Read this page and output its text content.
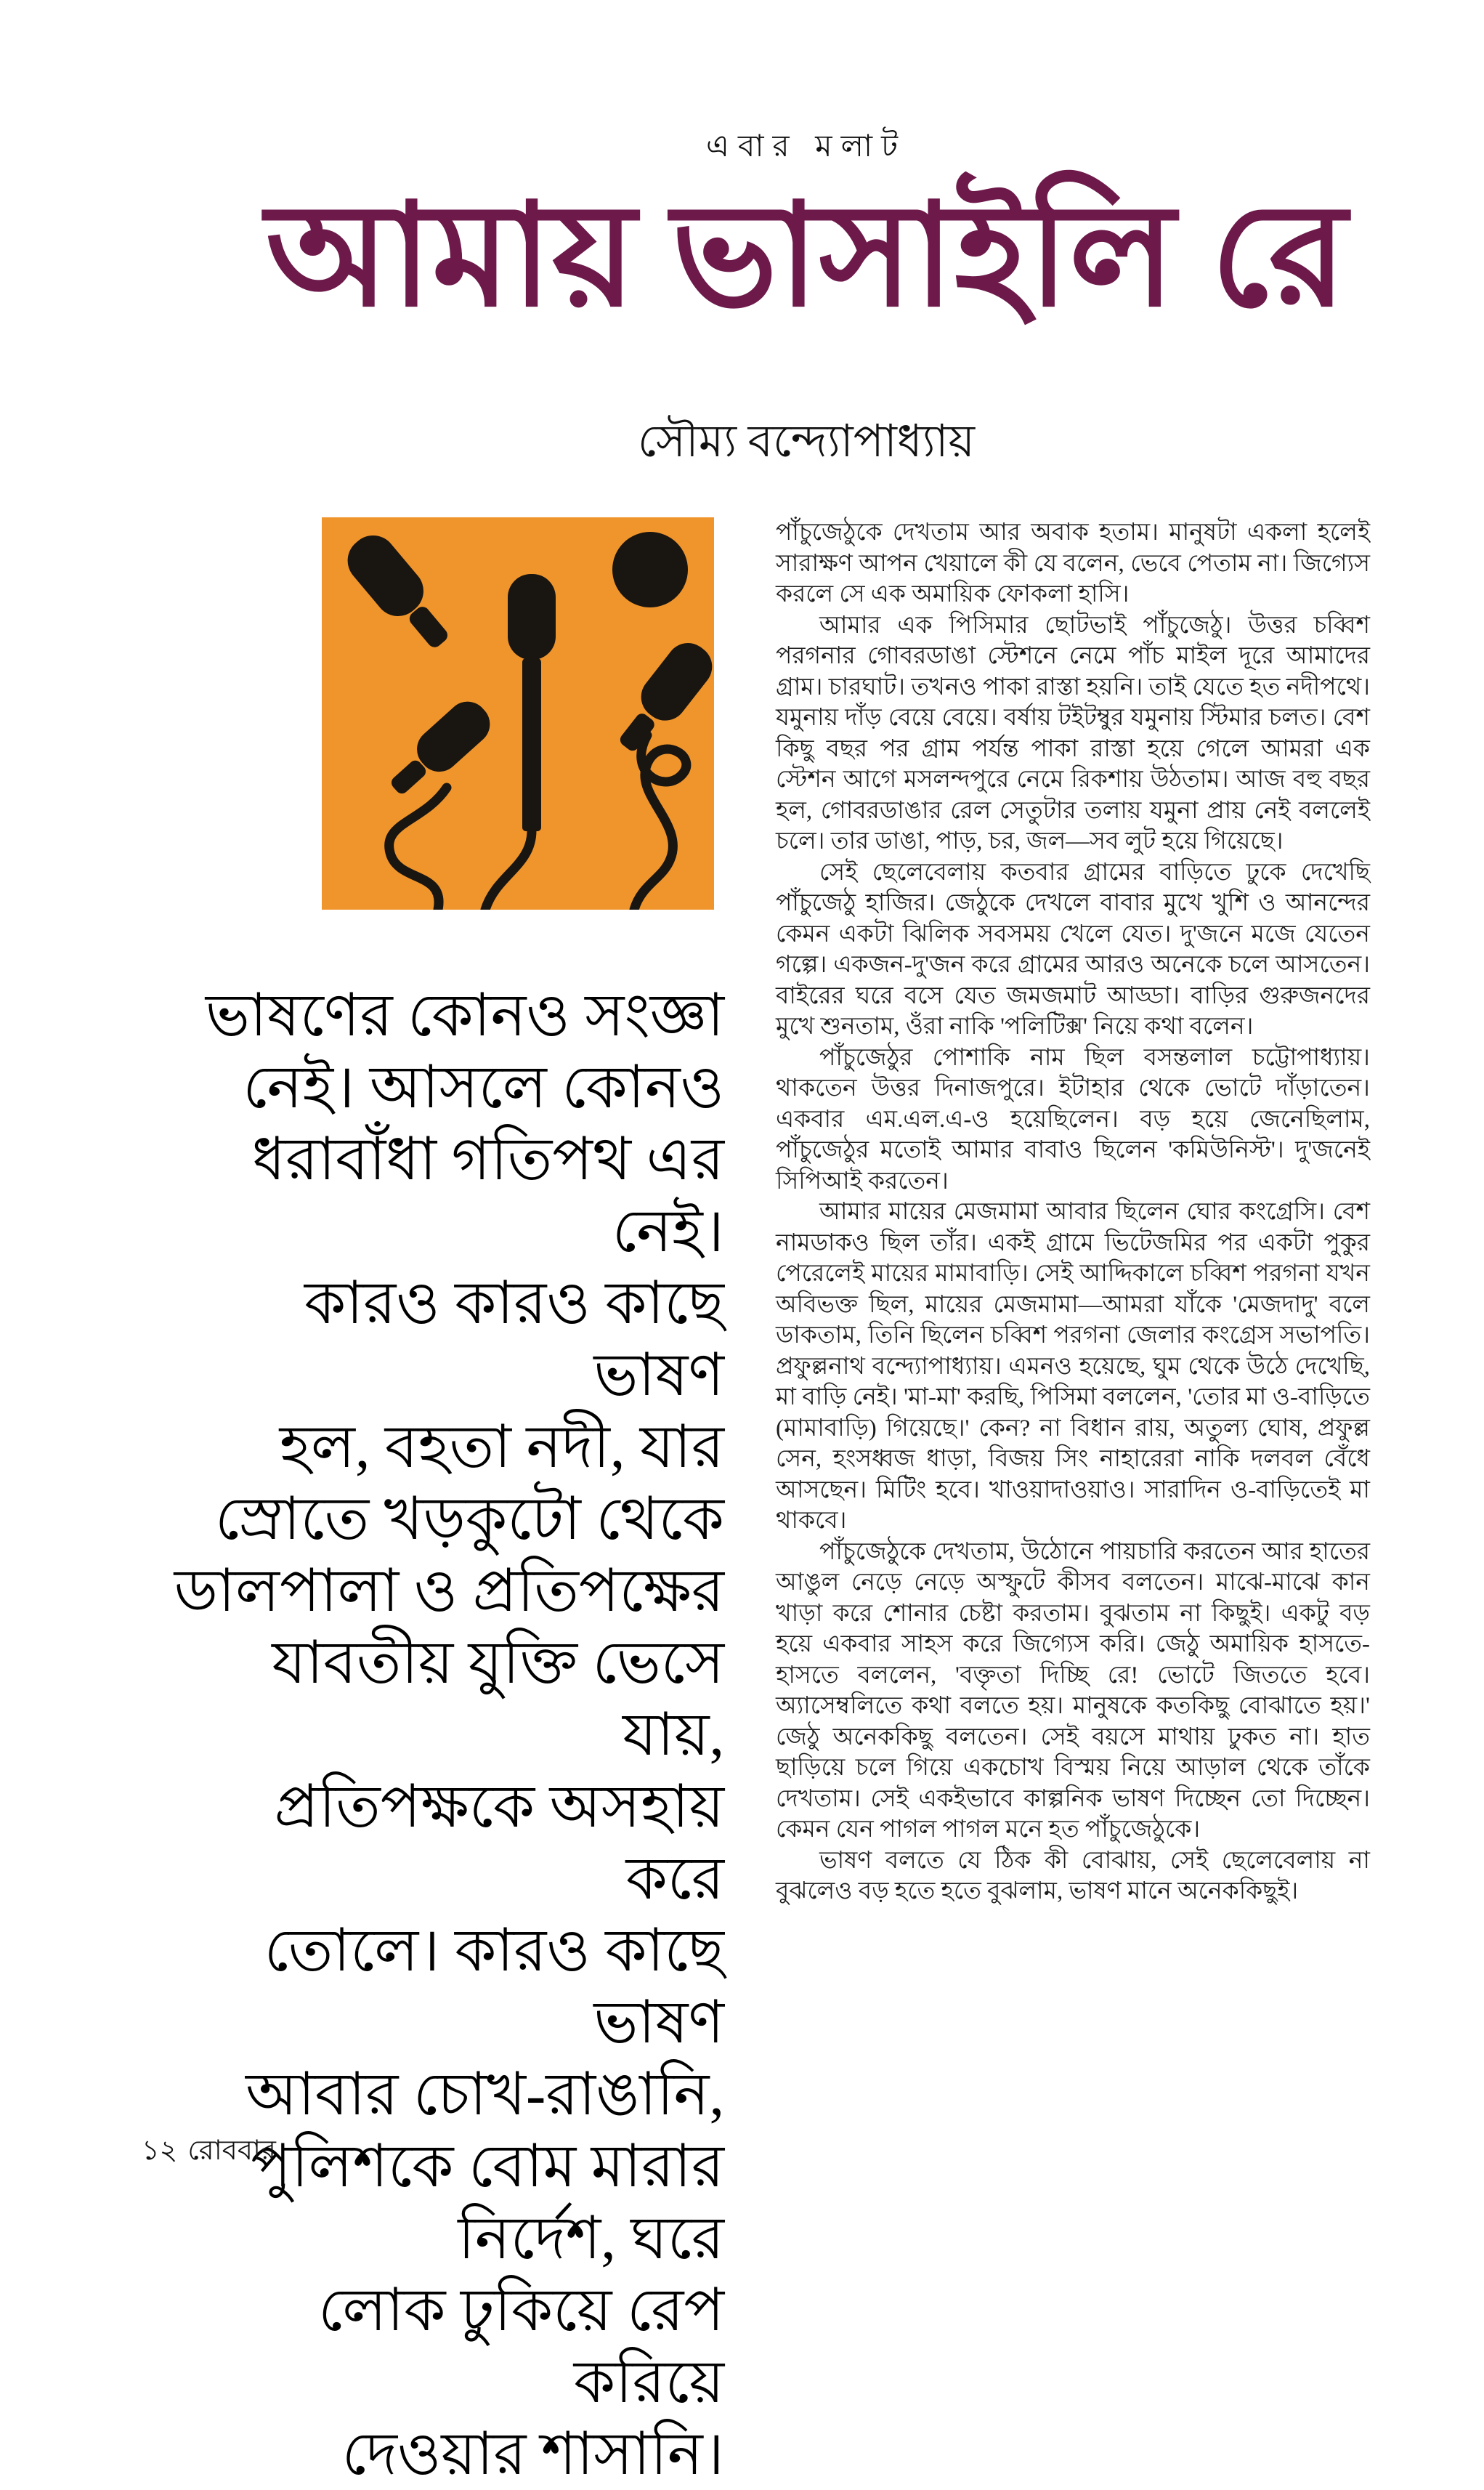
এবার মলাট
আমায় ভাসাইলি রে
সৌম্য বন্দ্যোপাধ্যায়
ভাষণের কোনও সংজ্ঞা
নেই। আসলে কোনও
ধরাবাঁধা গতিপথ এর নেই।
কারও কারও কাছে ভাষণ
হল, বহতা নদী, যার
স্রোতে খড়কুটো থেকে
ডালপালা ও প্রতিপক্ষের
যাবতীয় যুক্তি ভেসে যায়,
প্রতিপক্ষকে অসহায় করে
তোলে। কারও কাছে ভাষণ
আবার চোখ-রাঙানি,
পুলিশকে বোম মারার
নির্দেশ, ঘরে
লোক ঢুকিয়ে রেপ করিয়ে
দেওয়ার শাসানি।

পাঁচুজেঠুকে দেখতাম আর অবাক হতাম। মানুষটা একলা হলেই সারাক্ষণ আপন খেয়ালে কী যে বলেন, ভেবে পেতাম না। জিগ্যেস করলে সে এক অমায়িক ফোকলা হাসি।

আমার এক পিসিমার ছোটভাই পাঁচুজেঠু। উত্তর চব্বিশ পরগনার গোবরডাঙা স্টেশনে নেমে পাঁচ মাইল দূরে আমাদের গ্রাম। চারঘাট। তখনও পাকা রাস্তা হয়নি। তাই যেতে হত নদীপথে। যমুনায় দাঁড় বেয়ে বেয়ে। বর্ষায় টইটম্বুর যমুনায় স্টিমার চলত। বেশ কিছু বছর পর গ্রাম পর্যন্ত পাকা রাস্তা হয়ে গেলে আমরা এক স্টেশন আগে মসলন্দপুরে নেমে রিকশায় উঠতাম। আজ বহু বছর হল, গোবরডাঙার রেল সেতুটার তলায় যমুনা প্রায় নেই বললেই চলে। তার ডাঙা, পাড়, চর, জল—সব লুট হয়ে গিয়েছে।

সেই ছেলেবেলায় কতবার গ্রামের বাড়িতে ঢুকে দেখেছি পাঁচুজেঠু হাজির। জেঠুকে দেখলে বাবার মুখে খুশি ও আনন্দের কেমন একটা ঝিলিক সবসময় খেলে যেত। দু'জনে মজে যেতেন গল্পে। একজন-দু'জন করে গ্রামের আরও অনেকে চলে আসতেন। বাইরের ঘরে বসে যেত জমজমাট আড্ডা। বাড়ির গুরুজনদের মুখে শুনতাম, ওঁরা নাকি 'পলিটিক্স' নিয়ে কথা বলেন।

পাঁচুজেঠুর পোশাকি নাম ছিল বসন্তলাল চট্টোপাধ্যায়। থাকতেন উত্তর দিনাজপুরে। ইটাহার থেকে ভোটে দাঁড়াতেন। একবার এম.এল.এ-ও হয়েছিলেন। বড় হয়ে জেনেছিলাম, পাঁচুজেঠুর মতোই আমার বাবাও ছিলেন 'কমিউনিস্ট'। দু'জনেই সিপিআই করতেন।

আমার মায়ের মেজমামা আবার ছিলেন ঘোর কংগ্রেসি। বেশ নামডাকও ছিল তাঁর। একই গ্রামে ভিটেজমির পর একটা পুকুর পেরেলেই মায়ের মামাবাড়ি। সেই আদ্দিকালে চব্বিশ পরগনা যখন অবিভক্ত ছিল, মায়ের মেজমামা—আমরা যাঁকে 'মেজদাদু' বলে ডাকতাম, তিনি ছিলেন চব্বিশ পরগনা জেলার কংগ্রেস সভাপতি। প্রফুল্লনাথ বন্দ্যোপাধ্যায়। এমনও হয়েছে, ঘুম থেকে উঠে দেখেছি, মা বাড়ি নেই। 'মা-মা' করছি, পিসিমা বললেন, 'তোর মা ও-বাড়িতে (মামাবাড়ি) গিয়েছে।' কেন? না বিধান রায়, অতুল্য ঘোষ, প্রফুল্ল সেন, হংসধ্বজ ধাড়া, বিজয় সিং নাহারেরা নাকি দলবল বেঁধে আসছেন। মিটিং হবে। খাওয়াদাওয়াও। সারাদিন ও-বাড়িতেই মা থাকবে।

পাঁচুজেঠুকে দেখতাম, উঠোনে পায়চারি করতেন আর হাতের আঙুল নেড়ে নেড়ে অস্ফুটে কীসব বলতেন। মাঝে-মাঝে কান খাড়া করে শোনার চেষ্টা করতাম। বুঝতাম না কিছুই। একটু বড় হয়ে একবার সাহস করে জিগ্যেস করি। জেঠু অমায়িক হাসতে-হাসতে বললেন, 'বক্তৃতা দিচ্ছি রে! ভোটে জিততে হবে। অ্যাসেম্বলিতে কথা বলতে হয়। মানুষকে কতকিছু বোঝাতে হয়।' জেঠু অনেককিছু বলতেন। সেই বয়সে মাথায় ঢুকত না। হাত ছাড়িয়ে চলে গিয়ে একচোখ বিস্ময় নিয়ে আড়াল থেকে তাঁকে দেখতাম। সেই একইভাবে কাল্পনিক ভাষণ দিচ্ছেন তো দিচ্ছেন। কেমন যেন পাগল পাগল মনে হত পাঁচুজেঠুকে।

ভাষণ বলতে যে ঠিক কী বোঝায়, সেই ছেলেবেলায় না বুঝলেও বড় হতে হতে বুঝলাম, ভাষণ মানে অনেককিছুই।

১২ রোববার
